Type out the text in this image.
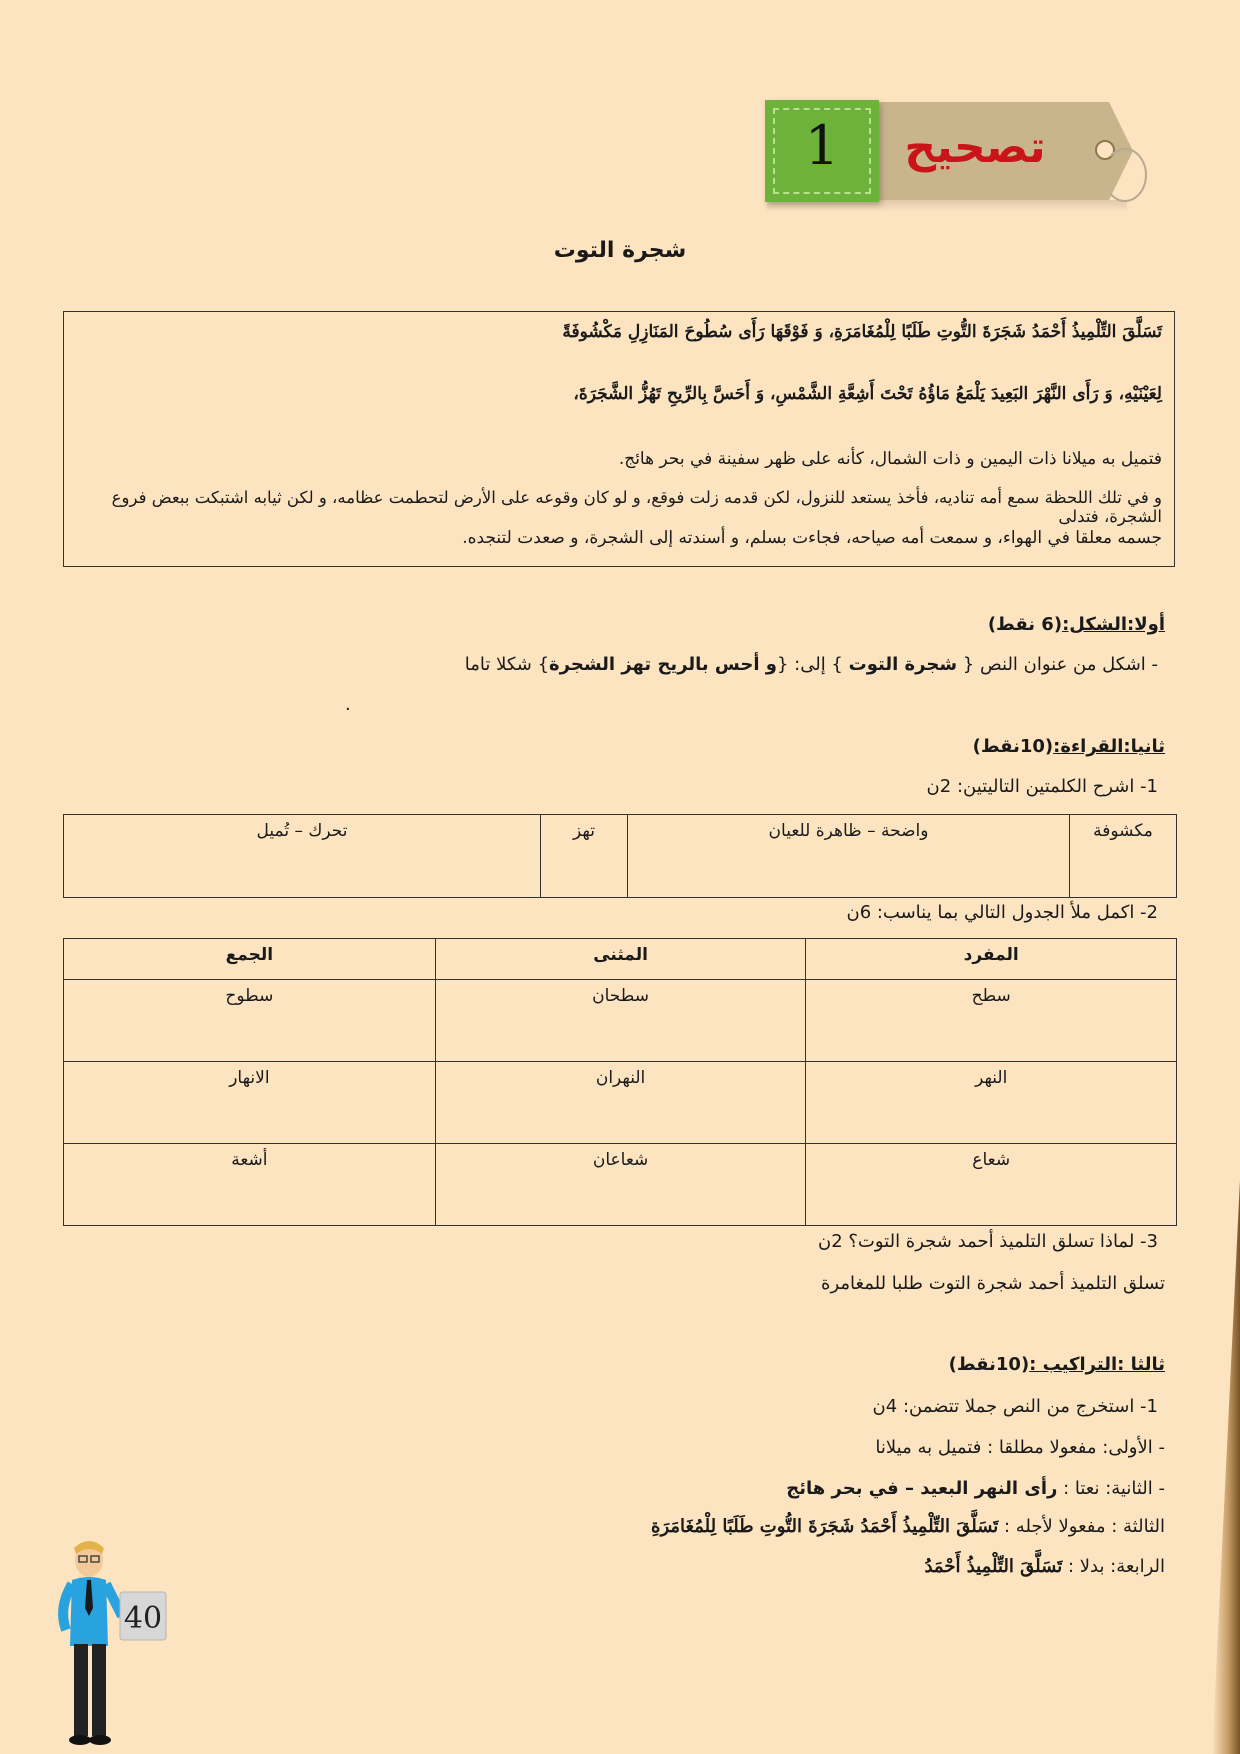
تصحيح
1
شجرة التوت

تَسَلَّقَ التِّلْمِيذُ أَحْمَدُ شَجَرَةَ التُّوتِ طَلَبًا لِلْمُغَامَرَةِ، وَ فَوْقَهَا رَأَى سُطُوحَ المَنَازِلِ مَكْشُوفَةً

لِعَيْنَيْهِ، وَ رَأَى النَّهْرَ البَعِيدَ يَلْمَعُ مَاؤُهُ تَحْتَ أَشِعَّةِ الشَّمْسِ، وَ أَحَسَّ بِالرِّيحِ تَهُزُّ الشَّجَرَةَ،

فتميل به ميلانا ذات اليمين و ذات الشمال، كأنه على ظهر سفينة في بحر هائج.

و في تلك اللحظة سمع أمه تناديه، فأخذ يستعد للنزول، لكن قدمه زلت فوقع، و لو كان وقوعه على الأرض لتحطمت عظامه، و لكن ثيابه اشتبكت ببعض فروع الشجرة، فتدلى

جسمه معلقا في الهواء، و سمعت أمه صياحه، فجاءت بسلم، و أسندته إلى الشجرة، و صعدت لتنجده.

أولا:الشكل:(6 نقط)
- اشكل من عنوان النص { شجرة التوت } إلى: {و أحس بالريح تهز الشجرة} شكلا تاما
.
ثانيا:القراءة:(10نقط)
1- اشرح الكلمتين التاليتين: 2ن
مكشوفة	واضحة – ظاهرة للعيان	تهز	تحرك – تُميل
2- اكمل ملأ الجدول التالي بما يناسب: 6ن
المفرد	المثنى	الجمع
سطح	سطحان	سطوح
النهر	النهران	الانهار
شعاع	شعاعان	أشعة
3- لماذا تسلق التلميذ أحمد شجرة التوت؟ 2ن
تسلق التلميذ أحمد شجرة التوت طلبا للمغامرة
ثالثا :التراكيب :(10نقط)
1- استخرج من النص جملا تتضمن: 4ن
- الأولى: مفعولا مطلقا : فتميل به ميلانا
- الثانية: نعتا : رأى النهر البعيد – في بحر هائج
الثالثة : مفعولا لأجله : تَسَلَّقَ التِّلْمِيذُ أَحْمَدُ شَجَرَةَ التُّوتِ طَلَبًا لِلْمُغَامَرَةِ
الرابعة: بدلا : تَسَلَّقَ التِّلْمِيذُ أَحْمَدُ
40
